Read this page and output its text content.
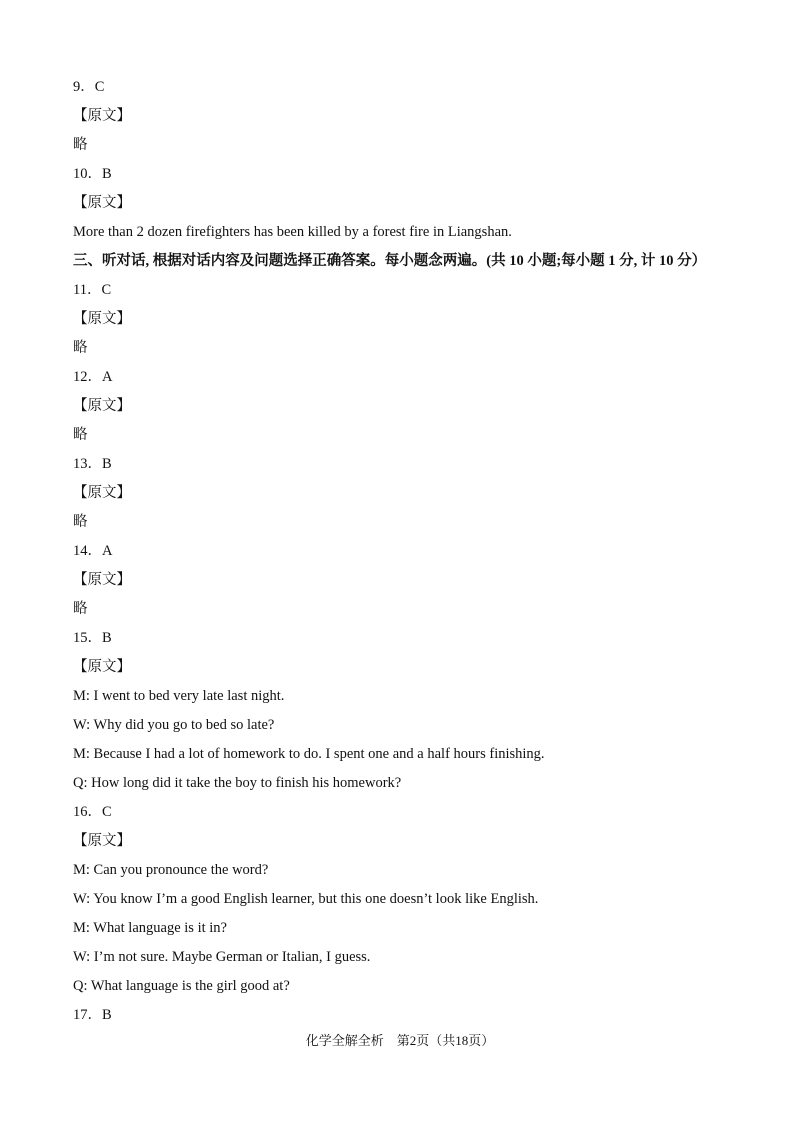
9．C
【原文】
略
10．B
【原文】
More than 2 dozen firefighters has been killed by a forest fire in Liangshan.
三、听对话, 根据对话内容及问题选择正确答案。每小题念两遍。(共 10 小题;每小题 1 分, 计 10 分）
11．C
【原文】
略
12．A
【原文】
略
13．B
【原文】
略
14．A
【原文】
略
15．B
【原文】
M: I went to bed very late last night.
W: Why did you go to bed so late?
M: Because I had a lot of homework to do. I spent one and a half hours finishing.
Q: How long did it take the boy to finish his homework?
16．C
【原文】
M: Can you pronounce the word?
W: You know I’m a good English learner, but this one doesn’t look like English.
M: What language is it in?
W: I’m not sure. Maybe German or Italian, I guess.
Q: What language is the girl good at?
17．B
化学全解全析　第2页（共18页）
